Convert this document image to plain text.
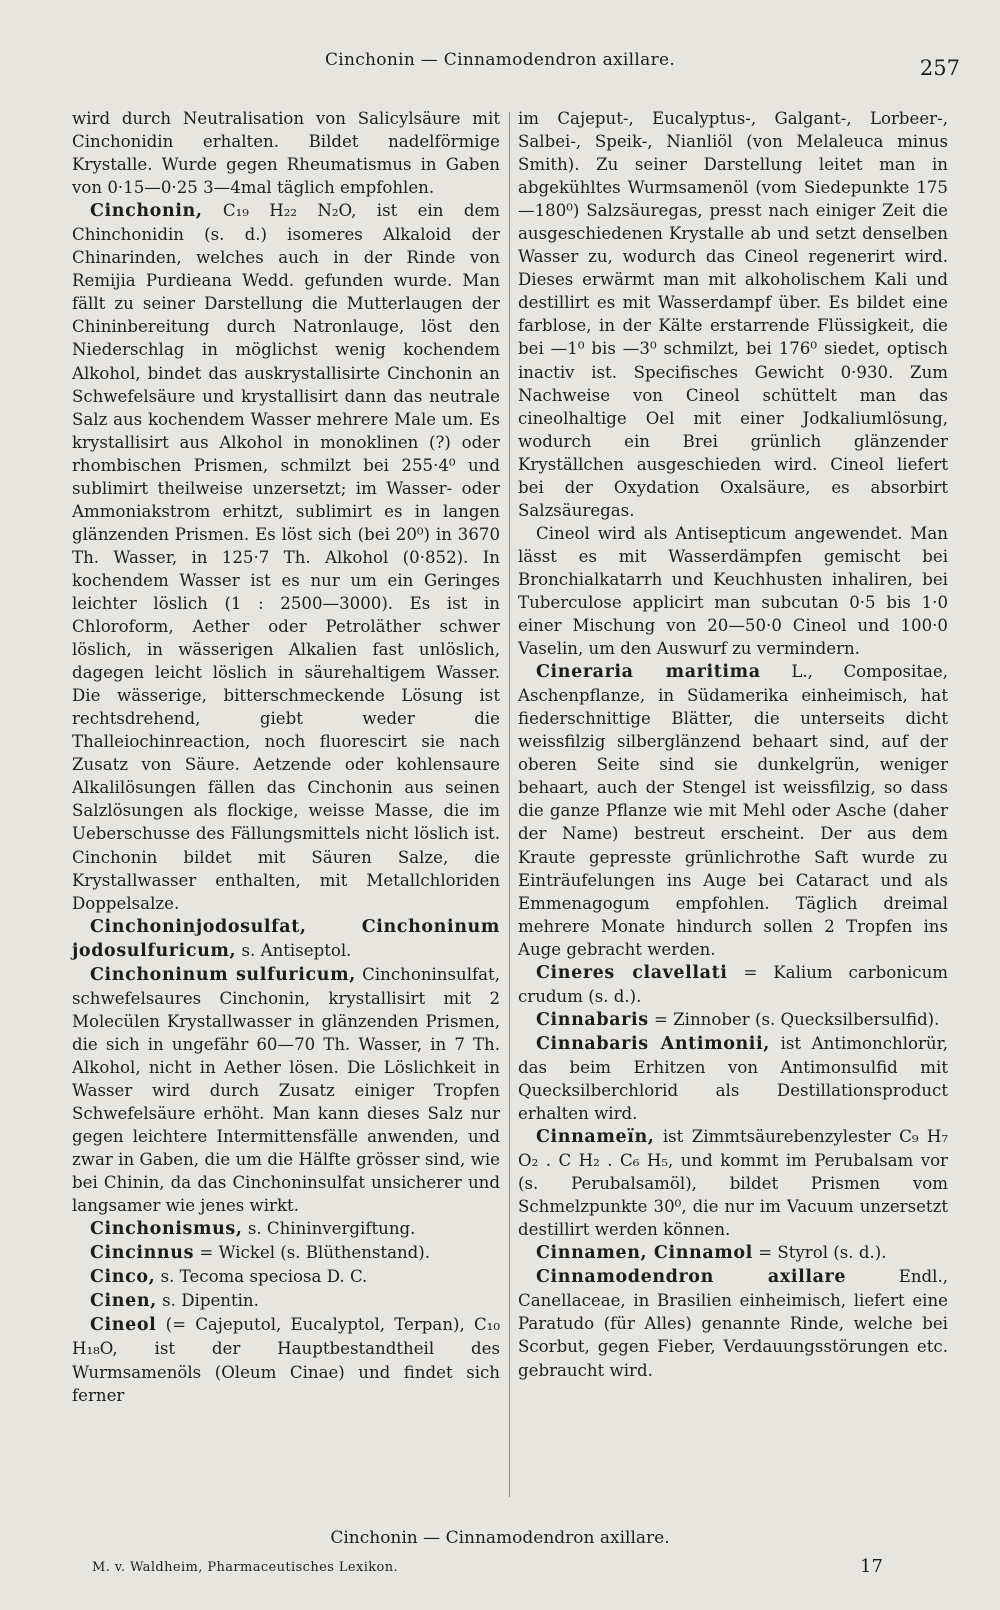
Cinchonin — Cinnamodendron axillare.	257

wird durch Neutralisation von Salicylsäure mit Cinchonidin erhalten. Bildet nadelförmige Krystalle. Wurde gegen Rheumatismus in Gaben von 0·15—0·25 3—4mal täglich empfohlen.

Cinchonin, C₁₉ H₂₂ N₂O, ist ein dem Chinchonidin (s. d.) isomeres Alkaloid der Chinarinden, welches auch in der Rinde von Remijia Purdieana Wedd. gefunden wurde. Man fällt zu seiner Darstellung die Mutterlaugen der Chininbereitung durch Natronlauge, löst den Niederschlag in möglichst wenig kochendem Alkohol, bindet das auskrystallisirte Cinchonin an Schwefelsäure und krystallisirt dann das neutrale Salz aus kochendem Wasser mehrere Male um. Es krystallisirt aus Alkohol in monoklinen (?) oder rhombischen Prismen, schmilzt bei 255·4⁰ und sublimirt theilweise unzersetzt; im Wasser- oder Ammoniakstrom erhitzt, sublimirt es in langen glänzenden Prismen. Es löst sich (bei 20⁰) in 3670 Th. Wasser, in 125·7 Th. Alkohol (0·852). In kochendem Wasser ist es nur um ein Geringes leichter löslich (1 : 2500—3000). Es ist in Chloroform, Aether oder Petroläther schwer löslich, in wässerigen Alkalien fast unlöslich, dagegen leicht löslich in säurehaltigem Wasser. Die wässerige, bitterschmeckende Lösung ist rechtsdrehend, giebt weder die Thalleiochinreaction, noch fluorescirt sie nach Zusatz von Säure. Aetzende oder kohlensaure Alkalilösungen fällen das Cinchonin aus seinen Salzlösungen als flockige, weisse Masse, die im Ueberschusse des Fällungsmittels nicht löslich ist. Cinchonin bildet mit Säuren Salze, die Krystallwasser enthalten, mit Metallchloriden Doppelsalze.

Cinchoninjodosulfat, Cinchoninum jodosulfuricum, s. Antiseptol.

Cinchoninum sulfuricum, Cinchoninsulfat, schwefelsaures Cinchonin, krystallisirt mit 2 Molecülen Krystallwasser in glänzenden Prismen, die sich in ungefähr 60—70 Th. Wasser, in 7 Th. Alkohol, nicht in Aether lösen. Die Löslichkeit in Wasser wird durch Zusatz einiger Tropfen Schwefelsäure erhöht. Man kann dieses Salz nur gegen leichtere Intermittensfälle anwenden, und zwar in Gaben, die um die Hälfte grösser sind, wie bei Chinin, da das Cinchoninsulfat unsicherer und langsamer wie jenes wirkt.

Cinchonismus, s. Chininvergiftung.

Cincinnus = Wickel (s. Blüthenstand).

Cinco, s. Tecoma speciosa D. C.

Cinen, s. Dipentin.

Cineol (= Cajeputol, Eucalyptol, Terpan), C₁₀ H₁₈O, ist der Hauptbestandtheil des Wurmsamenöls (Oleum Cinae) und findet sich ferner

im Cajeput-, Eucalyptus-, Galgant-, Lorbeer-, Salbei-, Speik-, Nianliöl (von Melaleuca minus Smith). Zu seiner Darstellung leitet man in abgekühltes Wurmsamenöl (vom Siedepunkte 175—180⁰) Salzsäuregas, presst nach einiger Zeit die ausgeschiedenen Krystalle ab und setzt denselben Wasser zu, wodurch das Cineol regenerirt wird. Dieses erwärmt man mit alkoholischem Kali und destillirt es mit Wasserdampf über. Es bildet eine farblose, in der Kälte erstarrende Flüssigkeit, die bei —1⁰ bis —3⁰ schmilzt, bei 176⁰ siedet, optisch inactiv ist. Specifisches Gewicht 0·930. Zum Nachweise von Cineol schüttelt man das cineolhaltige Oel mit einer Jodkaliumlösung, wodurch ein Brei grünlich glänzender Kryställchen ausgeschieden wird. Cineol liefert bei der Oxydation Oxalsäure, es absorbirt Salzsäuregas.

Cineol wird als Antisepticum angewendet. Man lässt es mit Wasserdämpfen gemischt bei Bronchialkatarrh und Keuchhusten inhaliren, bei Tuberculose applicirt man subcutan 0·5 bis 1·0 einer Mischung von 20—50·0 Cineol und 100·0 Vaselin, um den Auswurf zu vermindern.

Cineraria maritima L., Compositae, Aschenpflanze, in Südamerika einheimisch, hat fiederschnittige Blätter, die unterseits dicht weissfilzig silberglänzend behaart sind, auf der oberen Seite sind sie dunkelgrün, weniger behaart, auch der Stengel ist weissfilzig, so dass die ganze Pflanze wie mit Mehl oder Asche (daher der Name) bestreut erscheint. Der aus dem Kraute gepresste grünlichrothe Saft wurde zu Einträufelungen ins Auge bei Cataract und als Emmenagogum empfohlen. Täglich dreimal mehrere Monate hindurch sollen 2 Tropfen ins Auge gebracht werden.

Cineres clavellati = Kalium carbonicum crudum (s. d.).

Cinnabaris = Zinnober (s. Quecksilbersulfid).

Cinnabaris Antimonii, ist Antimonchlorür, das beim Erhitzen von Antimonsulfid mit Quecksilberchlorid als Destillationsproduct erhalten wird.

Cinnameïn, ist Zimmtsäurebenzylester C₉ H₇ O₂ . C H₂ . C₆ H₅, und kommt im Perubalsam vor (s. Perubalsamöl), bildet Prismen vom Schmelzpunkte 30⁰, die nur im Vacuum unzersetzt destillirt werden können.

Cinnamen, Cinnamol = Styrol (s. d.).

Cinnamodendron axillare	Endl., Canellaceae, in Brasilien einheimisch, liefert eine Paratudo (für Alles) genannte Rinde, welche bei Scorbut, gegen Fieber, Verdauungsstörungen etc. gebraucht wird.

Cinchonin — Cinnamodendron axillare.
M. v. Waldheim, Pharmaceutisches Lexikon.	17
